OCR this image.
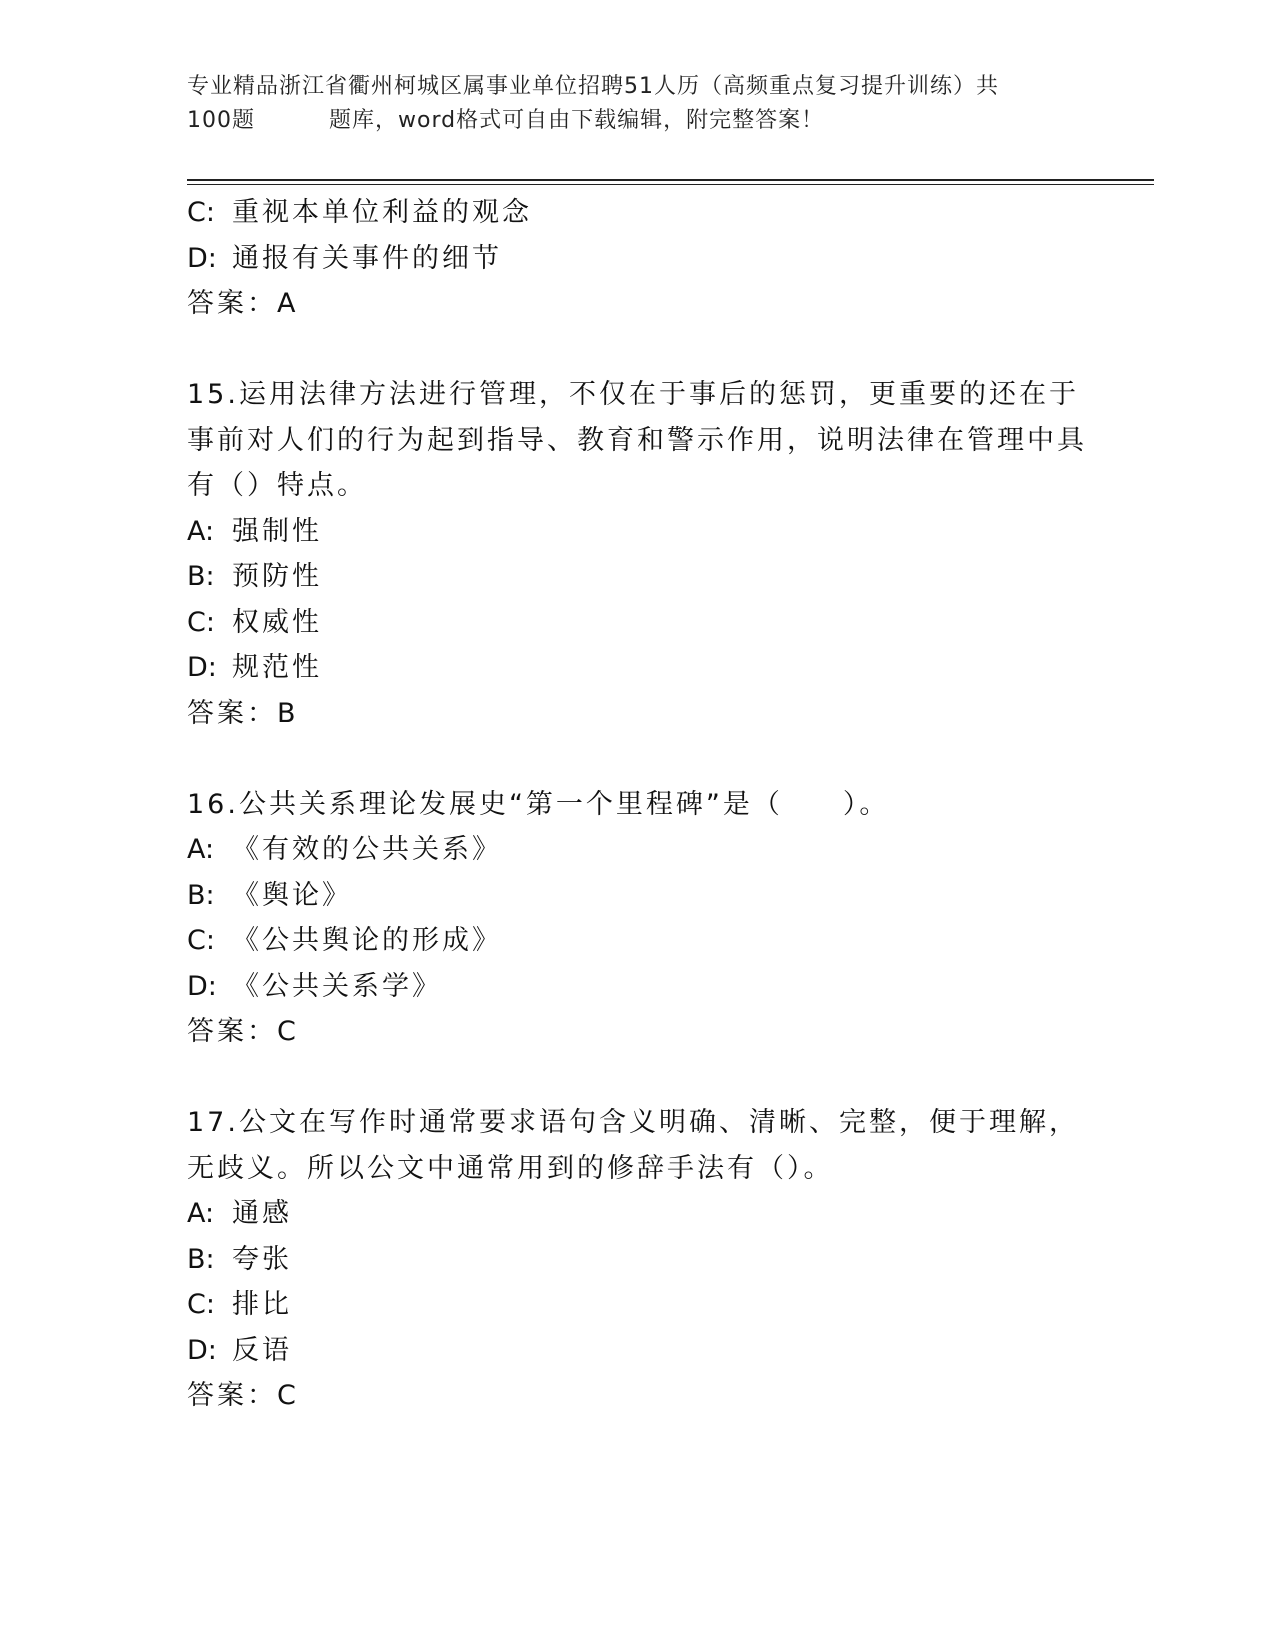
专业精品浙江省衢州柯城区属事业单位招聘51人历（高频重点复习提升训练）共
100题	题库，word格式可自由下载编辑，附完整答案！

C: 重视本单位利益的观念

D: 通报有关事件的细节

答案：A

15.运用法律方法进行管理，不仅在于事后的惩罚，更重要的还在于事前对人们的行为起到指导、教育和警示作用，说明法律在管理中具有（）特点。

A: 强制性

B: 预防性

C: 权威性

D: 规范性

答案：B

16.公共关系理论发展史“第一个里程碑”是（　　）。

A: 《有效的公共关系》

B: 《舆论》

C: 《公共舆论的形成》

D: 《公共关系学》

答案：C

17.公文在写作时通常要求语句含义明确、清晰、完整，便于理解，无歧义。所以公文中通常用到的修辞手法有（）。

A: 通感

B: 夸张

C: 排比

D: 反语

答案：C
